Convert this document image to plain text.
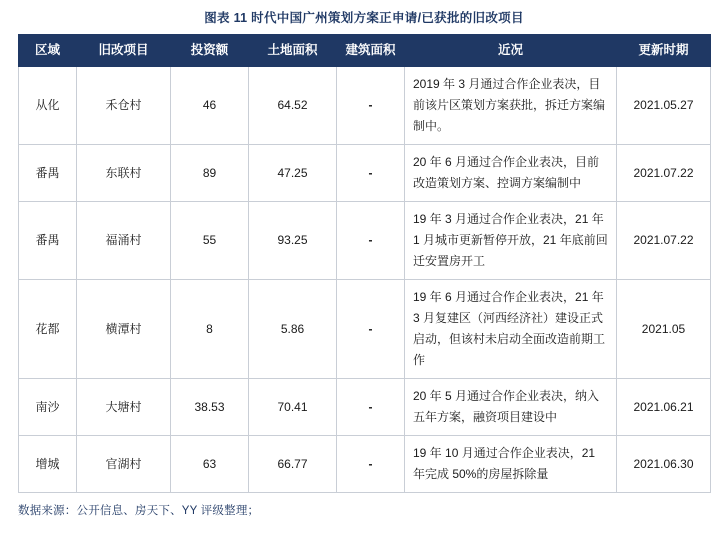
图表 11 时代中国广州策划方案正申请/已获批的旧改项目
区域	旧改项目	投资额	土地面积	建筑面积	近况	更新时期
从化	禾仓村	46	64.52	-	2019 年 3 月通过合作企业表决，目前该片区策划方案获批，拆迁方案编制中。	2021.05.27
番禺	东联村	89	47.25	-	20 年 6 月通过合作企业表决，目前改造策划方案、控调方案编制中	2021.07.22
番禺	福涌村	55	93.25	-	19 年 3 月通过合作企业表决，21 年 1 月城市更新暂停开放，21 年底前回迁安置房开工	2021.07.22
花都	横潭村	8	5.86	-	19 年 6 月通过合作企业表决，21 年 3 月复建区（河西经济社）建设正式启动，但该村未启动全面改造前期工作	2021.05
南沙	大塘村	38.53	70.41	-	20 年 5 月通过合作企业表决，纳入五年方案，融资项目建设中	2021.06.21
增城	官湖村	63	66.77	-	19 年 10 月通过合作企业表决，21 年完成 50%的房屋拆除量	2021.06.30
数据来源：公开信息、房天下、YY 评级整理；
